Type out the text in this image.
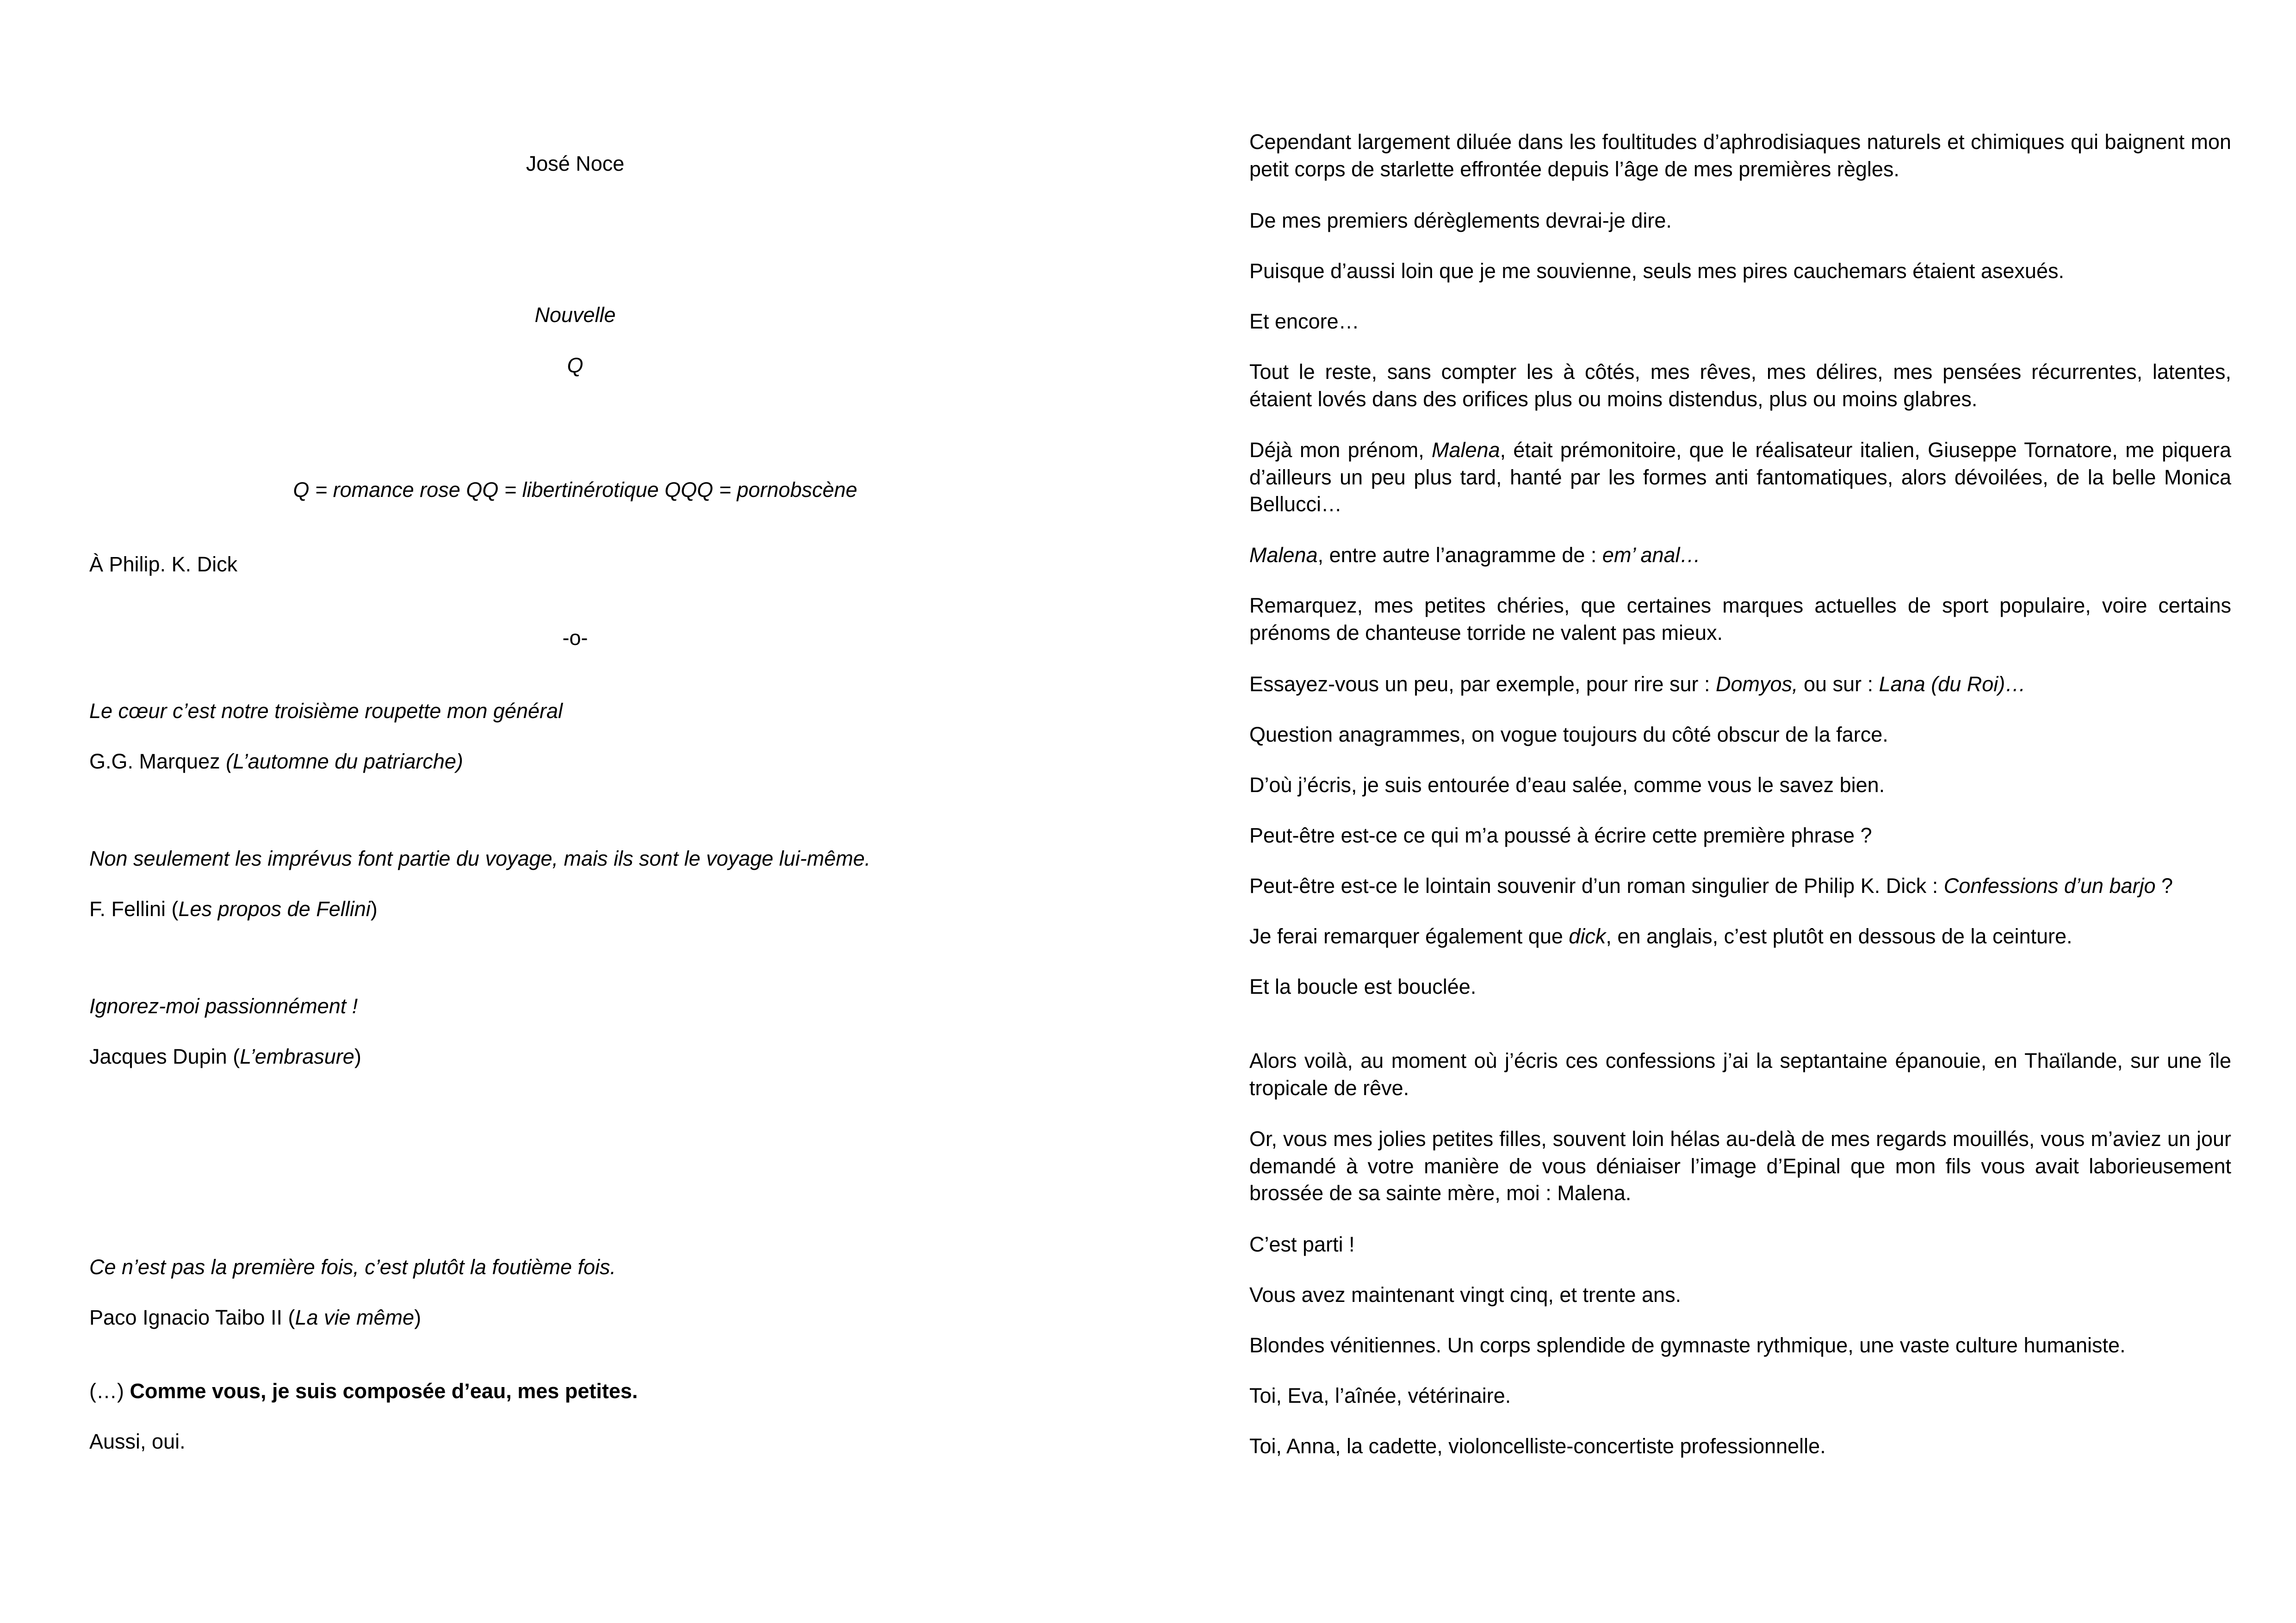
José Noce
Nouvelle
Q
Q = romance rose QQ = libertinérotique QQQ = pornobscène
À Philip. K. Dick
-o-
Le cœur c’est notre troisième roupette mon général
G.G. Marquez (L’automne du patriarche)
Non seulement les imprévus font partie du voyage, mais ils sont le voyage lui-même.
F. Fellini (Les propos de Fellini)
Ignorez-moi passionnément !
Jacques Dupin (L’embrasure)
Ce n’est pas la première fois, c’est plutôt la foutième fois.
Paco Ignacio Taibo II (La vie même)
(…) Comme vous, je suis composée d’eau, mes petites.
Aussi, oui.

Cependant largement diluée dans les foultitudes d’aphrodisiaques naturels et chimiques qui baignent mon petit corps de starlette effrontée depuis l’âge de mes premières règles.

De mes premiers dérèglements devrai-je dire.

Puisque d’aussi loin que je me souvienne, seuls mes pires cauchemars étaient asexués.

Et encore…

Tout le reste, sans compter les à côtés, mes rêves, mes délires, mes pensées récurrentes, latentes, étaient lovés dans des orifices plus ou moins distendus, plus ou moins glabres.

Déjà mon prénom, Malena, était prémonitoire, que le réalisateur italien, Giuseppe Tornatore, me piquera d’ailleurs un peu plus tard, hanté par les formes anti fantomatiques, alors dévoilées, de la belle Monica Bellucci…

Malena, entre autre l’anagramme de : em’ anal…

Remarquez, mes petites chéries, que certaines marques actuelles de sport populaire, voire certains prénoms de chanteuse torride ne valent pas mieux.

Essayez-vous un peu, par exemple, pour rire sur : Domyos, ou sur : Lana (du Roi)…

Question anagrammes, on vogue toujours du côté obscur de la farce.

D’où j’écris, je suis entourée d’eau salée, comme vous le savez bien.

Peut-être est-ce ce qui m’a poussé à écrire cette première phrase ?

Peut-être est-ce le lointain souvenir d’un roman singulier de Philip K. Dick : Confessions d’un barjo ?

Je ferai remarquer également que dick, en anglais, c’est plutôt en dessous de la ceinture.

Et la boucle est bouclée.

Alors voilà, au moment où j’écris ces confessions j’ai la septantaine épanouie, en Thaïlande, sur une île tropicale de rêve.

Or, vous mes jolies petites filles, souvent loin hélas au-delà de mes regards mouillés, vous m’aviez un jour demandé à votre manière de vous déniaiser l’image d’Epinal que mon fils vous avait laborieusement brossée de sa sainte mère, moi : Malena.

C’est parti !

Vous avez maintenant vingt cinq, et trente ans.

Blondes vénitiennes. Un corps splendide de gymnaste rythmique, une vaste culture humaniste.

Toi, Eva, l’aînée, vétérinaire.

Toi, Anna, la cadette, violoncelliste-concertiste professionnelle.
